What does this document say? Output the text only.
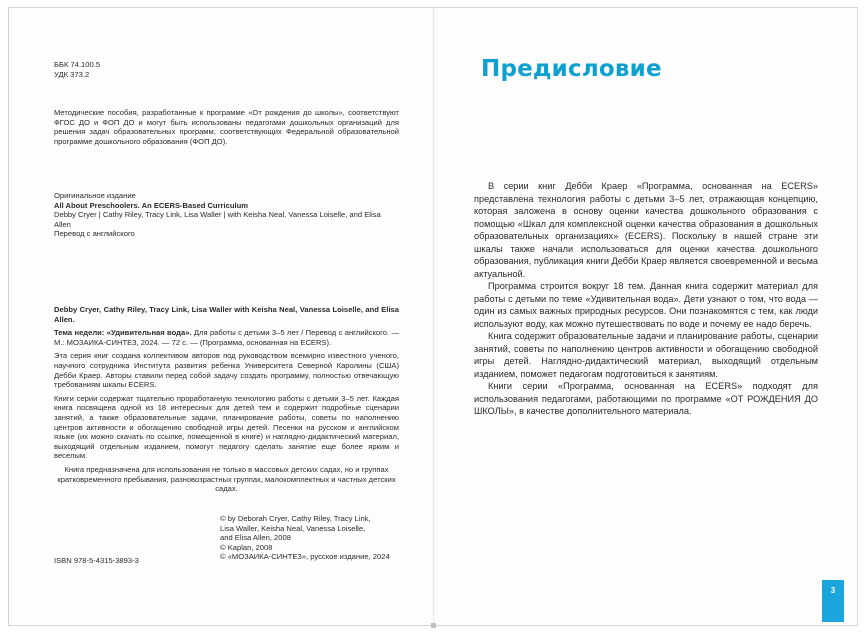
ББК 74.100.5
УДК 373.2
Методические пособия, разработанные к программе «От рождения до школы», соответствуют ФГОС ДО и ФОП ДО и могут быть использованы педагогами дошкольных организаций для решения задач образовательных программ, соответствующих Федеральной образовательной программе дошкольного образования (ФОП ДО).
Оригинальное издание
All About Preschoolers. An ECERS-Based Curriculum
Debby Cryer | Cathy Riley, Tracy Link, Lisa Waller | with Keisha Neal, Vanessa Loiselle, and Elisa Allen
Перевод с английского

Debby Cryer, Cathy Riley, Tracy Link, Lisa Waller with Keisha Neal, Vanessa Loiselle, and Elisa Allen.

Тема недели: «Удивительная вода». Для работы с детьми 3–5 лет / Перевод с английского. — М.: МОЗАИКА-СИНТЕЗ, 2024. — 72 с. — (Программа, основанная на ECERS).

Эта серия книг создана коллективом авторов под руководством всемирно известного ученого, научного сотрудника Института развития ребенка Университета Северной Каролины (США) Дебби Краер. Авторы ставили перед собой задачу создать программу, полностью отвечающую требованиям шкалы ECERS.

Книги серии содержат тщательно проработанную технологию работы с детьми 3–5 лет. Каждая книга посвящена одной из 18 интересных для детей тем и содержит подробные сценарии занятий, а также образовательные задачи, планирование работы, советы по наполнению центров активности и обогащению свободной игры детей. Песенки на русском и английском языке (их можно скачать по ссылке, помещенной в книге) и наглядно-дидактический материал, выходящий отдельным изданием, помогут педагогу сделать занятие еще более ярким и веселым.

Книга предназначена для использования не только в массовых детских садах, но и группах кратковременного пребывания, разновозрастных группах, малокомплектных и частных детских садах.

© by Deborah Cryer, Cathy Riley, Tracy Link,
Lisa Waller, Keisha Neal, Vanessa Loiselle,
and Elisa Allen, 2008
© Kaplan, 2008
© «МОЗАИКА-СИНТЕЗ», русское издание, 2024
ISBN 978-5-4315-3893-3
Предисловие

В серии книг Дебби Краер «Программа, основанная на ECERS» представлена технология работы с детьми 3–5 лет, отражающая концепцию, которая заложена в основу оценки качества дошкольного образования с помощью «Шкал для комплексной оценки качества образования в дошкольных образовательных организациях» (ECERS). Поскольку в нашей стране эти шкалы также начали использоваться для оценки качества дошкольного образования, публикация книги Дебби Краер является своевременной и весьма актуальной.

Программа строится вокруг 18 тем. Данная книга содержит материал для работы с детьми по теме «Удивительная вода». Дети узнают о том, что вода — один из самых важных природных ресурсов. Они познакомятся с тем, как люди используют воду, как можно путешествовать по воде и почему ее надо беречь.

Книга содержит образовательные задачи и планирование работы, сценарии занятий, советы по наполнению центров активности и обогащению свободной игры детей. Наглядно-дидактический материал, выходящий отдельным изданием, поможет педагогам подготовиться к занятиям.

Книги серии «Программа, основанная на ECERS» подходят для использования педагогами, работающими по программе «ОТ РОЖДЕНИЯ ДО ШКОЛЫ», в качестве дополнительного материала.

3
